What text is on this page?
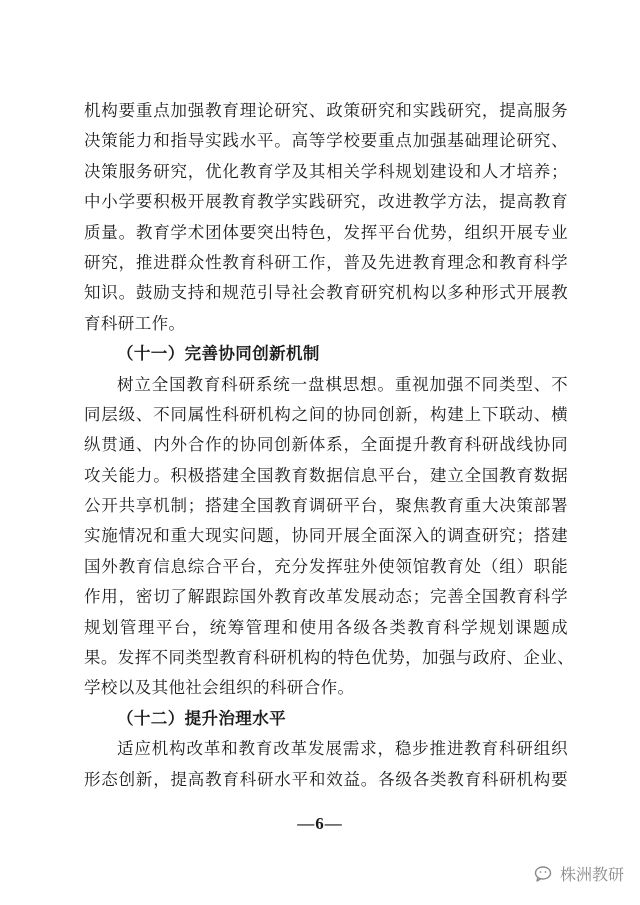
机构要重点加强教育理论研究、政策研究和实践研究，提高服务
决策能力和指导实践水平。高等学校要重点加强基础理论研究、
决策服务研究，优化教育学及其相关学科规划建设和人才培养；
中小学要积极开展教育教学实践研究，改进教学方法，提高教育
质量。教育学术团体要突出特色，发挥平台优势，组织开展专业
研究，推进群众性教育科研工作，普及先进教育理念和教育科学
知识。鼓励支持和规范引导社会教育研究机构以多种形式开展教
育科研工作。
（十一）完善协同创新机制
树立全国教育科研系统一盘棋思想。重视加强不同类型、不
同层级、不同属性科研机构之间的协同创新，构建上下联动、横
纵贯通、内外合作的协同创新体系，全面提升教育科研战线协同
攻关能力。积极搭建全国教育数据信息平台，建立全国教育数据
公开共享机制；搭建全国教育调研平台，聚焦教育重大决策部署
实施情况和重大现实问题，协同开展全面深入的调查研究；搭建
国外教育信息综合平台，充分发挥驻外使领馆教育处（组）职能
作用，密切了解跟踪国外教育改革发展动态；完善全国教育科学
规划管理平台，统筹管理和使用各级各类教育科学规划课题成
果。发挥不同类型教育科研机构的特色优势，加强与政府、企业、
学校以及其他社会组织的科研合作。
（十二）提升治理水平
适应机构改革和教育改革发展需求，稳步推进教育科研组织
形态创新，提高教育科研水平和效益。各级各类教育科研机构要
—6—
株洲教研
